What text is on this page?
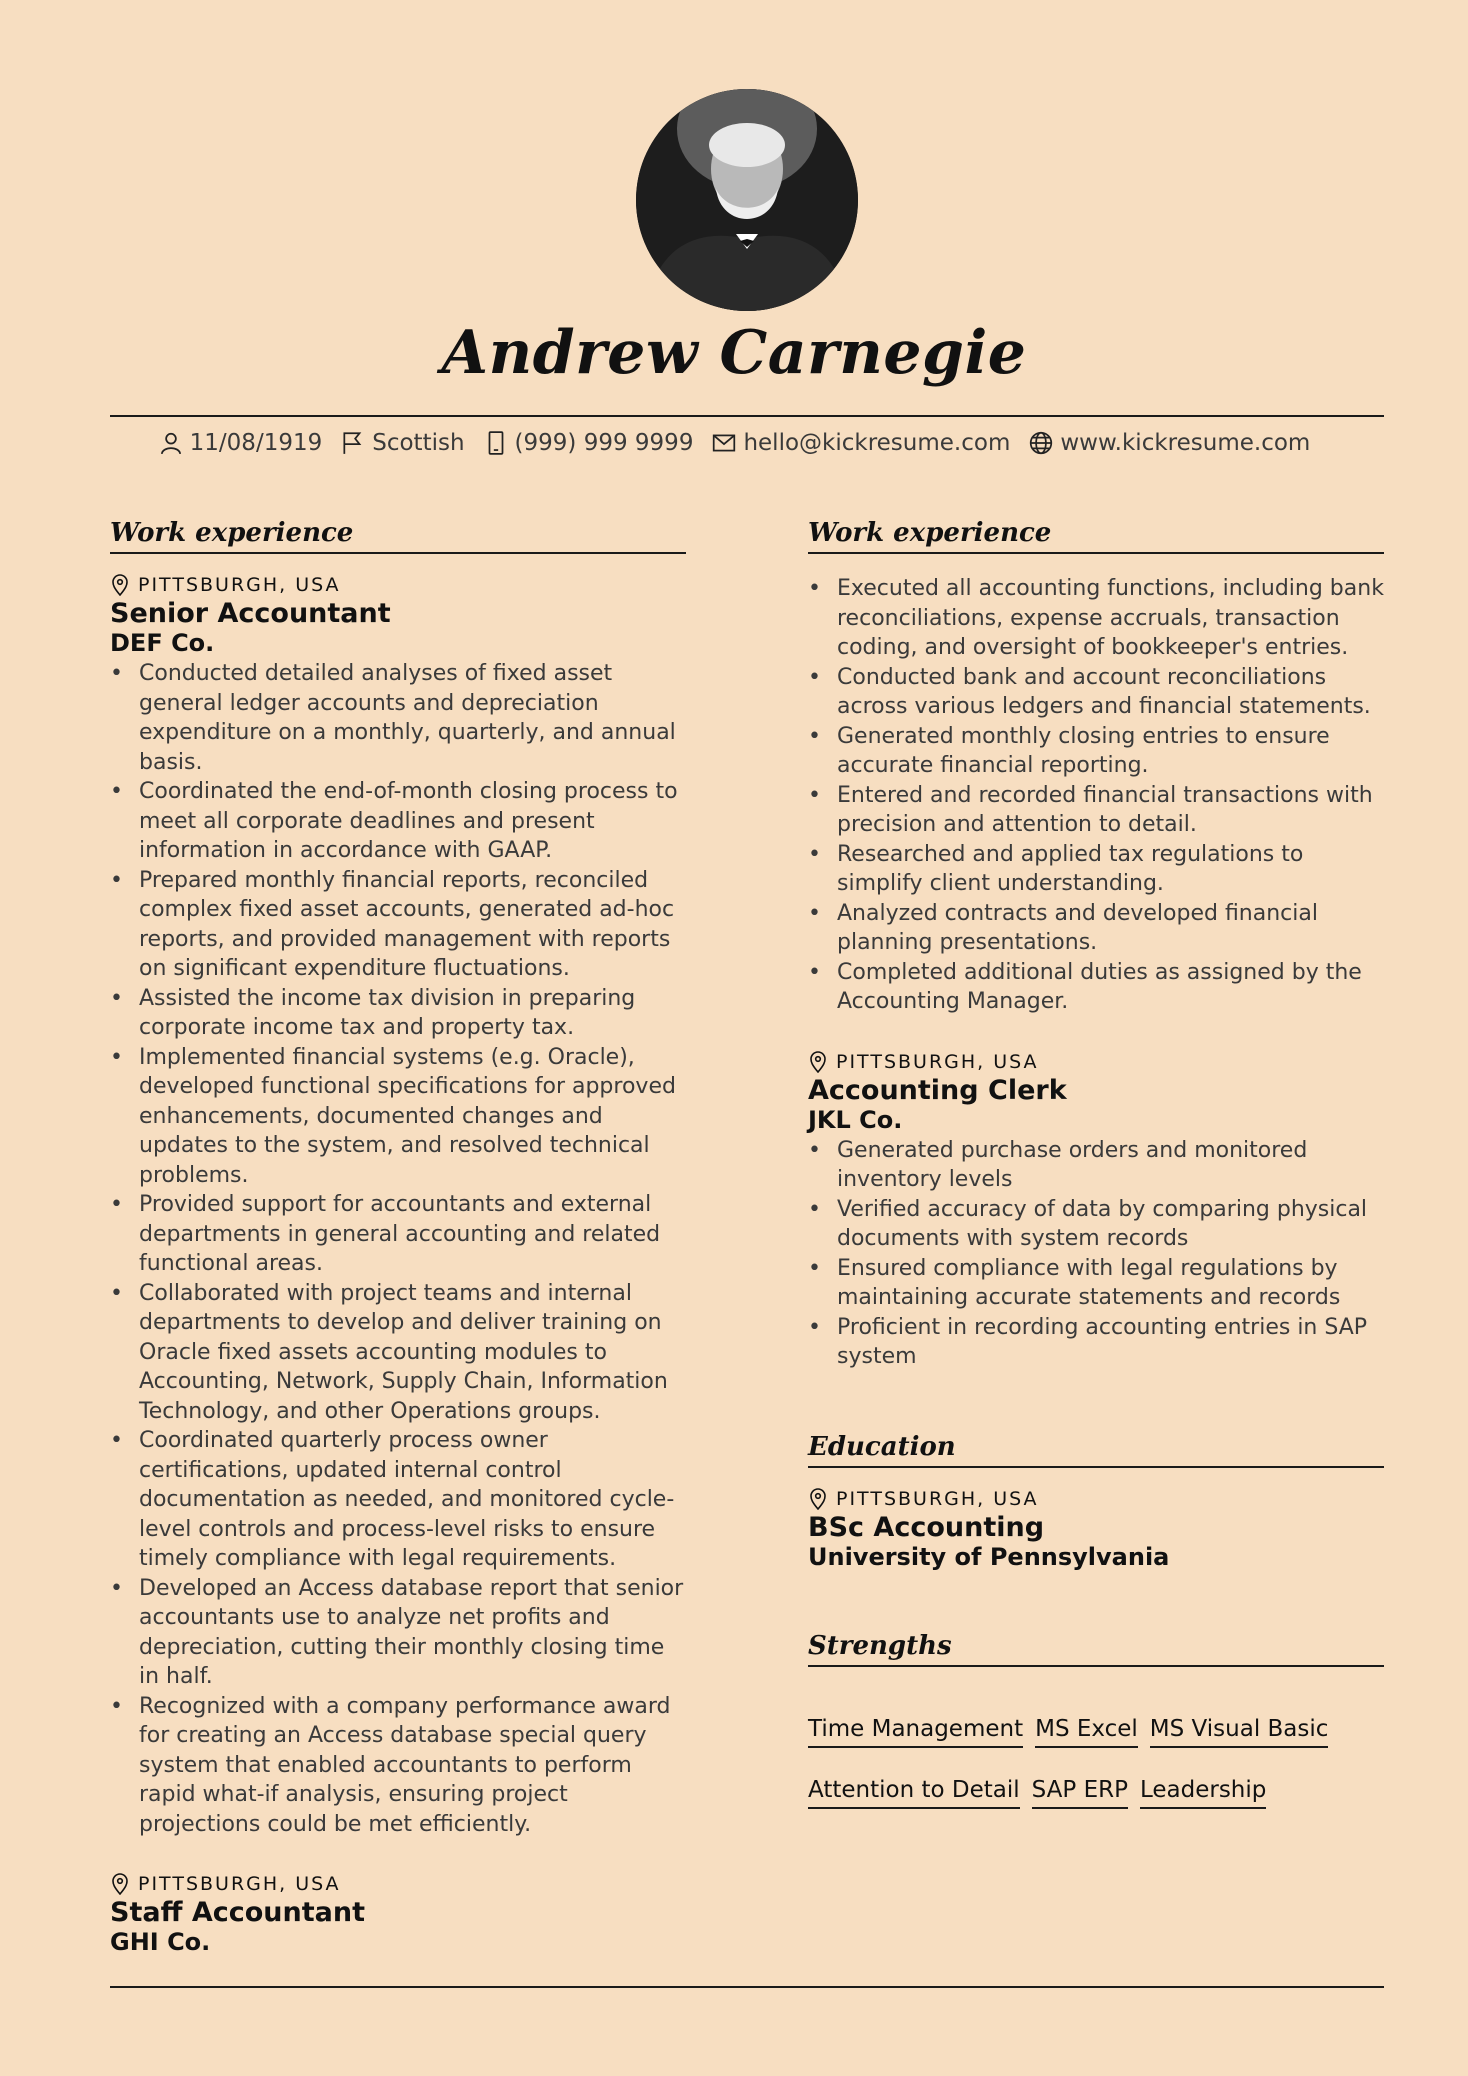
Andrew Carnegie
11/08/1919 Scottish (999) 999 9999 hello@kickresume.com www.kickresume.com
Work experience
PITTSBURGH, USA
Senior Accountant
DEF Co.
• Conducted detailed analyses of fixed asset general ledger accounts and depreciation expenditure on a monthly, quarterly, and annual basis.
• Coordinated the end-of-month closing process to meet all corporate deadlines and present information in accordance with GAAP.
• Prepared monthly financial reports, reconciled complex fixed asset accounts, generated ad-hoc reports, and provided management with reports on significant expenditure fluctuations.
• Assisted the income tax division in preparing corporate income tax and property tax.
• Implemented financial systems (e.g. Oracle), developed functional specifications for approved enhancements, documented changes and updates to the system, and resolved technical problems.
• Provided support for accountants and external departments in general accounting and related functional areas.
• Collaborated with project teams and internal departments to develop and deliver training on Oracle fixed assets accounting modules to Accounting, Network, Supply Chain, Information Technology, and other Operations groups.
• Coordinated quarterly process owner certifications, updated internal control documentation as needed, and monitored cycle-level controls and process-level risks to ensure timely compliance with legal requirements.
• Developed an Access database report that senior accountants use to analyze net profits and depreciation, cutting their monthly closing time in half.
• Recognized with a company performance award for creating an Access database special query system that enabled accountants to perform rapid what-if analysis, ensuring project projections could be met efficiently.
PITTSBURGH, USA
Staff Accountant
GHI Co.
Work experience
• Executed all accounting functions, including bank reconciliations, expense accruals, transaction coding, and oversight of bookkeeper's entries.
• Conducted bank and account reconciliations across various ledgers and financial statements.
• Generated monthly closing entries to ensure accurate financial reporting.
• Entered and recorded financial transactions with precision and attention to detail.
• Researched and applied tax regulations to simplify client understanding.
• Analyzed contracts and developed financial planning presentations.
• Completed additional duties as assigned by the Accounting Manager.
PITTSBURGH, USA
Accounting Clerk
JKL Co.
• Generated purchase orders and monitored inventory levels
• Verified accuracy of data by comparing physical documents with system records
• Ensured compliance with legal regulations by maintaining accurate statements and records
• Proficient in recording accounting entries in SAP system
Education
PITTSBURGH, USA
BSc Accounting
University of Pennsylvania
Strengths
Time Management MS Excel MS Visual Basic
Attention to Detail SAP ERP Leadership
